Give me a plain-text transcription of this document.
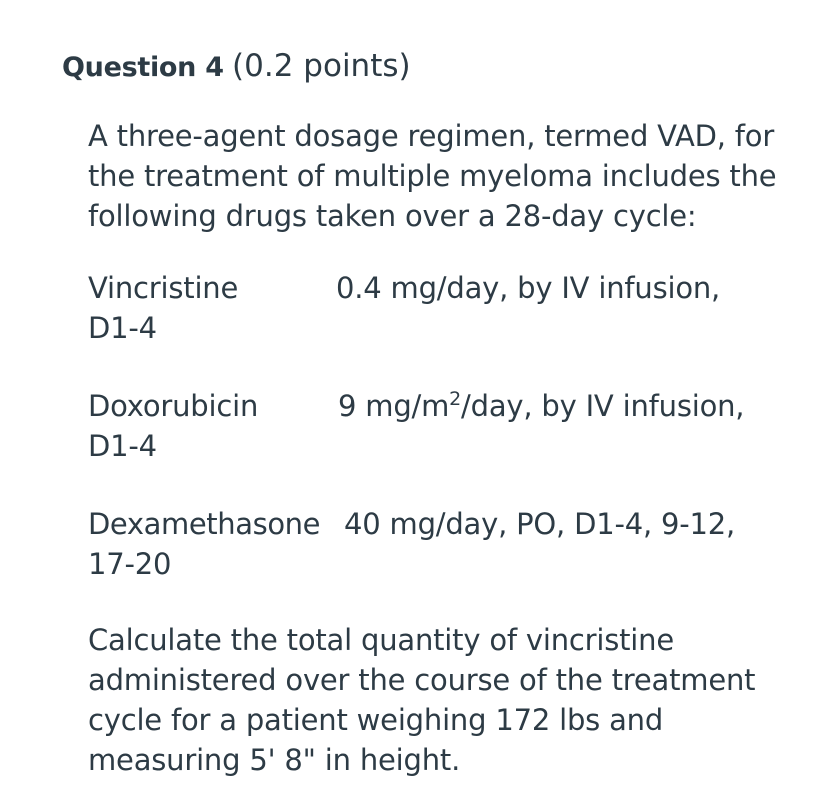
Question 4 (0.2 points)

A three-agent dosage regimen, termed VAD, for the treatment of multiple myeloma includes the following drugs taken over a 28-day cycle:

Vincristine	0.4 mg/day, by IV infusion,
D1-4
Doxorubicin	9 $mg/m^2$/day, by IV infusion,
D1-4
Dexamethasone 40 mg/day, PO, D1-4, 9-12,
17-20

Calculate the total quantity of vincristine administered over the course of the treatment cycle for a patient weighing 172 lbs and measuring 5' 8" in height.
